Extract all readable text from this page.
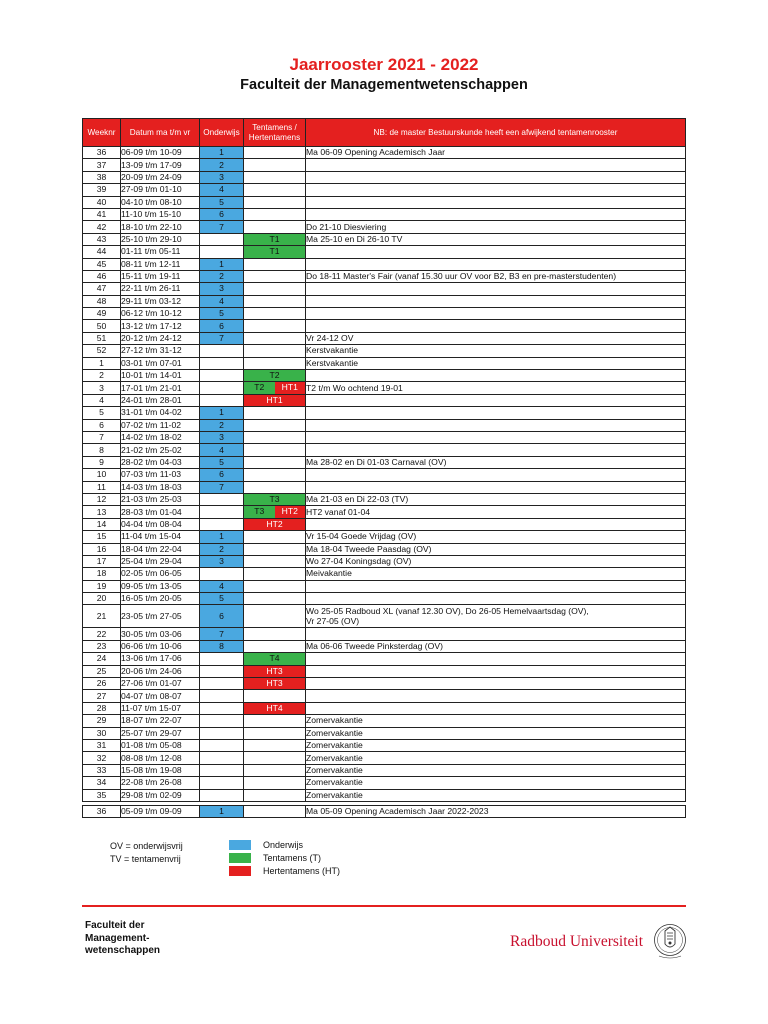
Jaarrooster 2021 - 2022
Faculteit der Managementwetenschappen
Weeknr	Datum ma t/m vr	Onderwijs	Tentamens /
Hertentamens	NB: de master Bestuurskunde heeft een afwijkend tentamenrooster
36	06-09 t/m 10-09	1		Ma 06-09 Opening Academisch Jaar
37	13-09 t/m 17-09	2		
38	20-09 t/m 24-09	3		
39	27-09 t/m 01-10	4		
40	04-10 t/m 08-10	5		
41	11-10 t/m 15-10	6		
42	18-10 t/m 22-10	7		Do 21-10 Diesviering
43	25-10 t/m 29-10		T1	Ma 25-10 en Di 26-10 TV
44	01-11 t/m 05-11		T1	

45	08-11 t/m 12-11	1		
46	15-11 t/m 19-11	2		Do 18-11 Master's Fair (vanaf 15.30 uur OV voor B2, B3 en pre-masterstudenten)
47	22-11 t/m 26-11	3		
48	29-11 t/m 03-12	4		
49	06-12 t/m 10-12	5		
50	13-12 t/m 17-12	6		
51	20-12 t/m 24-12	7		Vr 24-12 OV
52	27-12 t/m 31-12			Kerstvakantie
1	03-01 t/m 07-01			Kerstvakantie
2	10-01 t/m 14-01		T2	

3	17-01 t/m 21-01		T2 HT1	T2 t/m Wo ochtend 19-01
4	24-01 t/m 28-01		HT1	

5	31-01 t/m 04-02	1		
6	07-02 t/m 11-02	2		
7	14-02 t/m 18-02	3		
8	21-02 t/m 25-02	4		
9	28-02 t/m 04-03	5		Ma 28-02 en Di 01-03 Carnaval (OV)
10	07-03 t/m 11-03	6		
11	14-03 t/m 18-03	7		
12	21-03 t/m 25-03		T3	Ma 21-03 en Di 22-03 (TV)
13	28-03 t/m 01-04		T3 HT2	HT2 vanaf 01-04
14	04-04 t/m 08-04		HT2	

15	11-04 t/m 15-04	1		Vr 15-04 Goede Vrijdag (OV)
16	18-04 t/m 22-04	2		Ma 18-04 Tweede Paasdag (OV)
17	25-04 t/m 29-04	3		Wo 27-04 Koningsdag (OV)
18	02-05 t/m 06-05			Meivakantie
19	09-05 t/m 13-05	4		
20	16-05 t/m 20-05	5		
21	23-05 t/m 27-05	6		Wo 25-05 Radboud XL (vanaf 12.30 OV), Do 26-05 Hemelvaartsdag (OV),
Vr 27-05 (OV)
22	30-05 t/m 03-06	7		
23	06-06 t/m 10-06	8		Ma 06-06 Tweede Pinksterdag (OV)
24	13-06 t/m 17-06		T4	

25	20-06 t/m 24-06		HT3	

26	27-06 t/m 01-07		HT3	

27	04-07 t/m 08-07			
28	11-07 t/m 15-07		HT4	

29	18-07 t/m 22-07			Zomervakantie
30	25-07 t/m 29-07			Zomervakantie
31	01-08 t/m 05-08			Zomervakantie
32	08-08 t/m 12-08			Zomervakantie
33	15-08 t/m 19-08			Zomervakantie
34	22-08 t/m 26-08			Zomervakantie
35	29-08 t/m 02-09			Zomervakantie

36	05-09 t/m 09-09	1		Ma 05-09 Opening Academisch Jaar 2022-2023
OV = onderwijsvrij
TV = tentamenvrij
Onderwijs
Tentamens (T)
Hertentamens (HT)
Faculteit der
Management-
wetenschappen
Radboud Universiteit
